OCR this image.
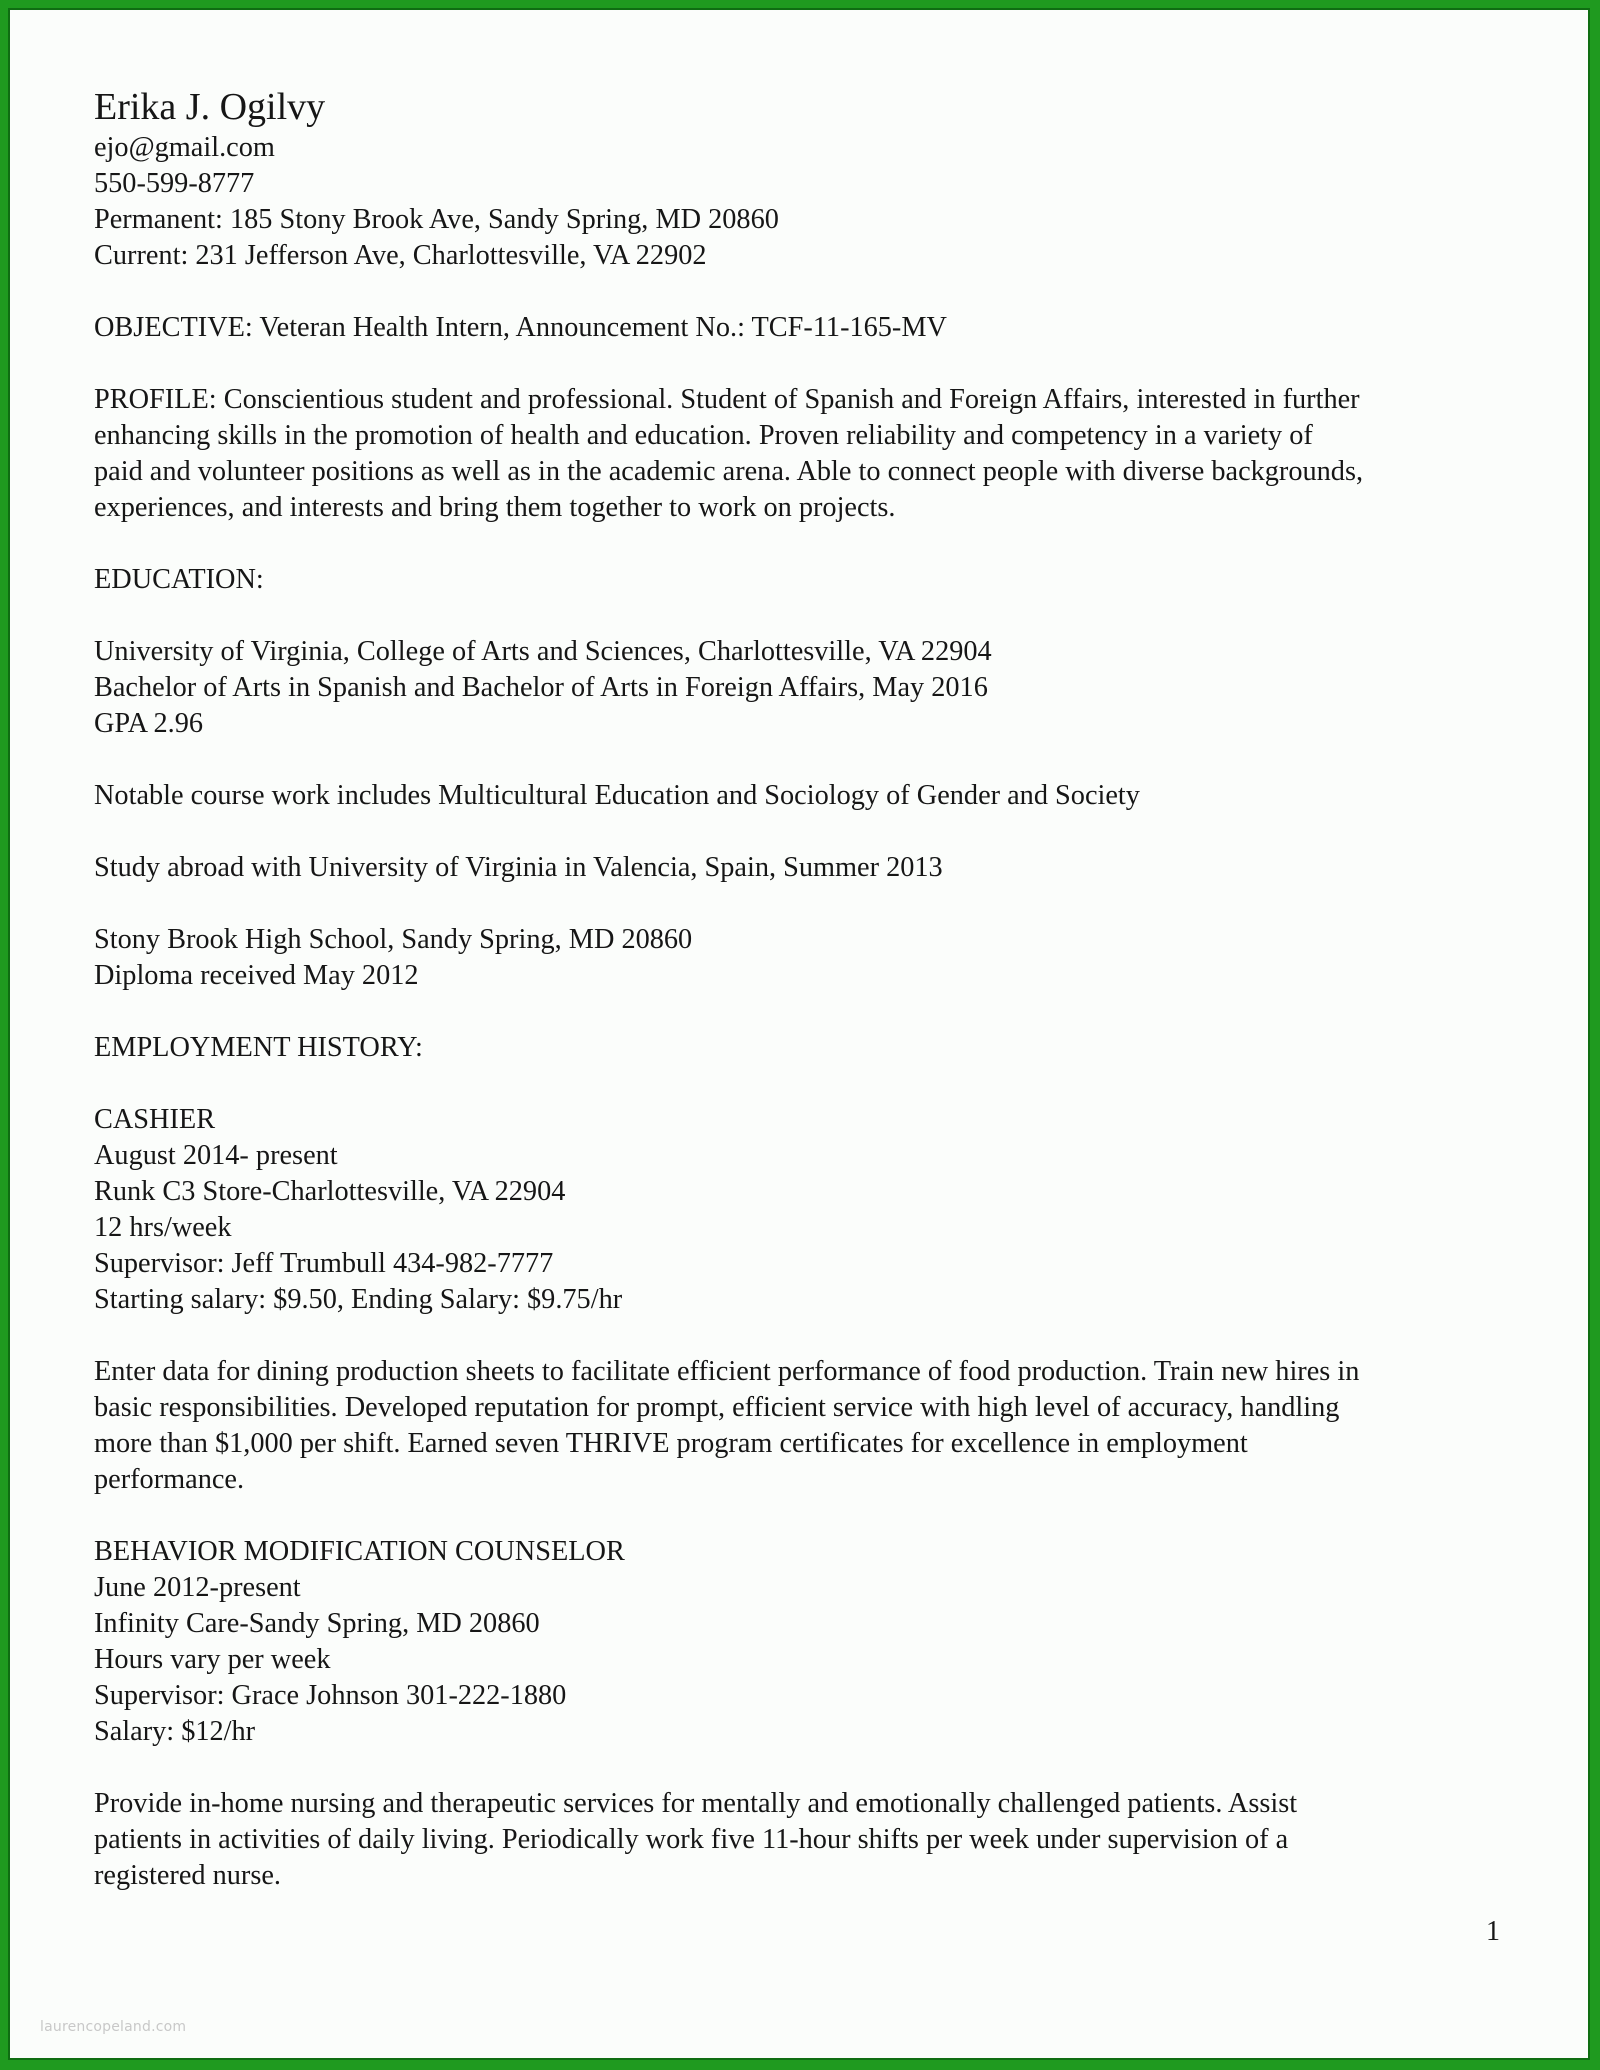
Erika J. Ogilvy
ejo@gmail.com
550-599-8777
Permanent: 185 Stony Brook Ave, Sandy Spring, MD 20860
Current: 231 Jefferson Ave, Charlottesville, VA 22902
OBJECTIVE: Veteran Health Intern, Announcement No.: TCF-11-165-MV
PROFILE: Conscientious student and professional. Student of Spanish and Foreign Affairs, interested in further
enhancing skills in the promotion of health and education. Proven reliability and competency in a variety of
paid and volunteer positions as well as in the academic arena. Able to connect people with diverse backgrounds,
experiences, and interests and bring them together to work on projects.
EDUCATION:
University of Virginia, College of Arts and Sciences, Charlottesville, VA 22904
Bachelor of Arts in Spanish and Bachelor of Arts in Foreign Affairs, May 2016
GPA 2.96
Notable course work includes Multicultural Education and Sociology of Gender and Society
Study abroad with University of Virginia in Valencia, Spain, Summer 2013
Stony Brook High School, Sandy Spring, MD 20860
Diploma received May 2012
EMPLOYMENT HISTORY:
CASHIER
August 2014- present
Runk C3 Store-Charlottesville, VA 22904
12 hrs/week
Supervisor: Jeff Trumbull 434-982-7777
Starting salary: $9.50, Ending Salary: $9.75/hr
Enter data for dining production sheets to facilitate efficient performance of food production. Train new hires in
basic responsibilities. Developed reputation for prompt, efficient service with high level of accuracy, handling
more than $1,000 per shift. Earned seven THRIVE program certificates for excellence in employment
performance.
BEHAVIOR MODIFICATION COUNSELOR
June 2012-present
Infinity Care-Sandy Spring, MD 20860
Hours vary per week
Supervisor: Grace Johnson 301-222-1880
Salary: $12/hr
Provide in-home nursing and therapeutic services for mentally and emotionally challenged patients. Assist
patients in activities of daily living. Periodically work five 11-hour shifts per week under supervision of a
registered nurse.
1
laurencopeland.com
